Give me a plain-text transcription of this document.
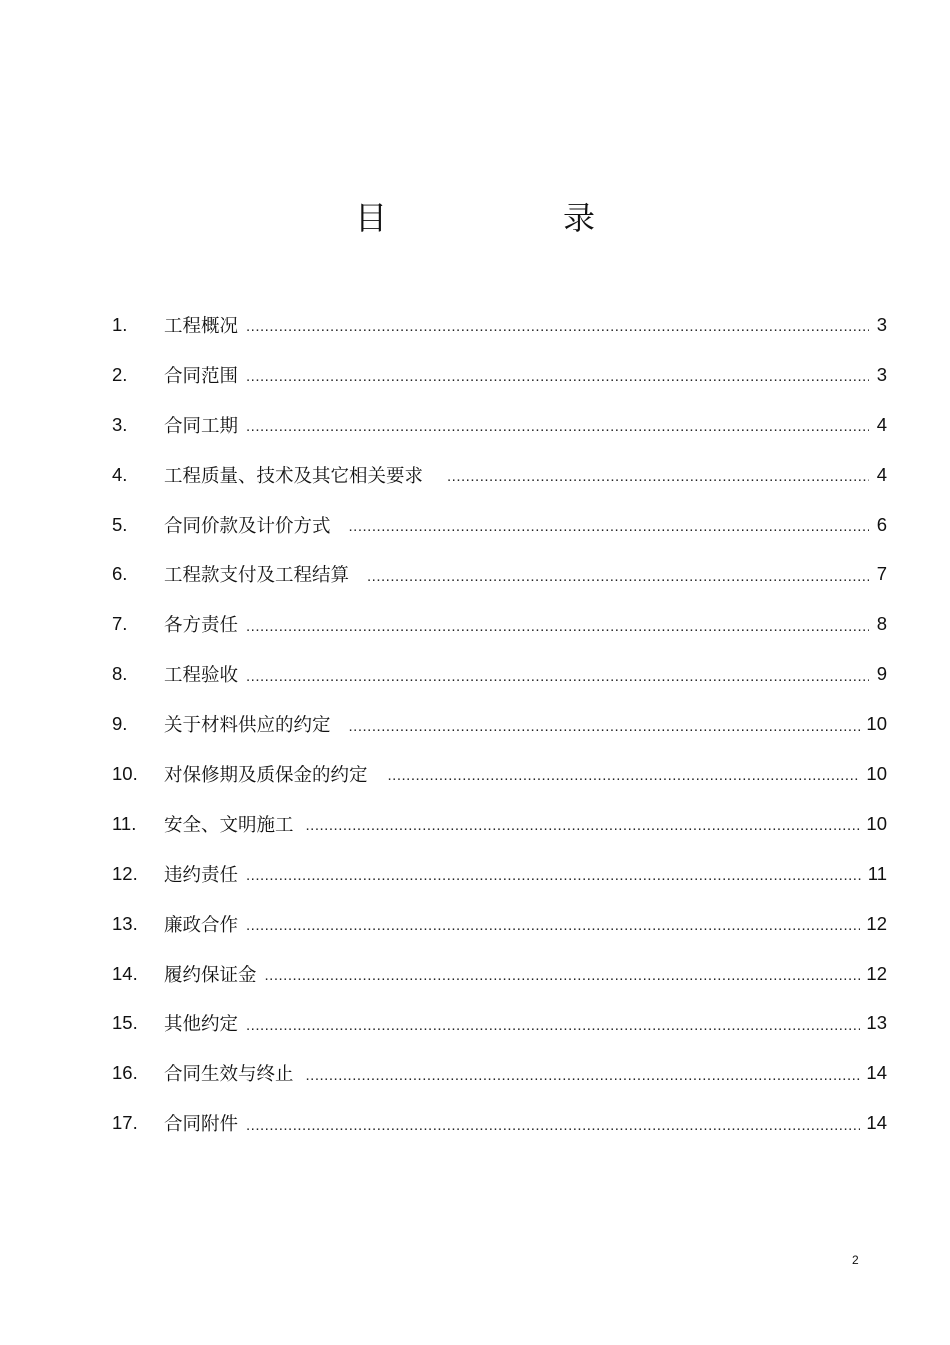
目　录
1.	工程概况 .....	3
2.	合同范围 .....	3
3.	合同工期 .....	4
4.	工程质量、技术及其它相关要求 .....	4
5.	合同价款及计价方式 .....	6
6.	工程款支付及工程结算 .....	7
7.	各方责任 .....	8
8.	工程验收 .....	9
9.	关于材料供应的约定 .....	10
10.	对保修期及质保金的约定 .....	10
11.	安全、文明施工 .....	10
12.	违约责任 .....	11
13.	廉政合作 .....	12
14.	履约保证金 .....	12
15.	其他约定 .....	13
16.	合同生效与终止 .....	14
17.	合同附件 .....	14
2
